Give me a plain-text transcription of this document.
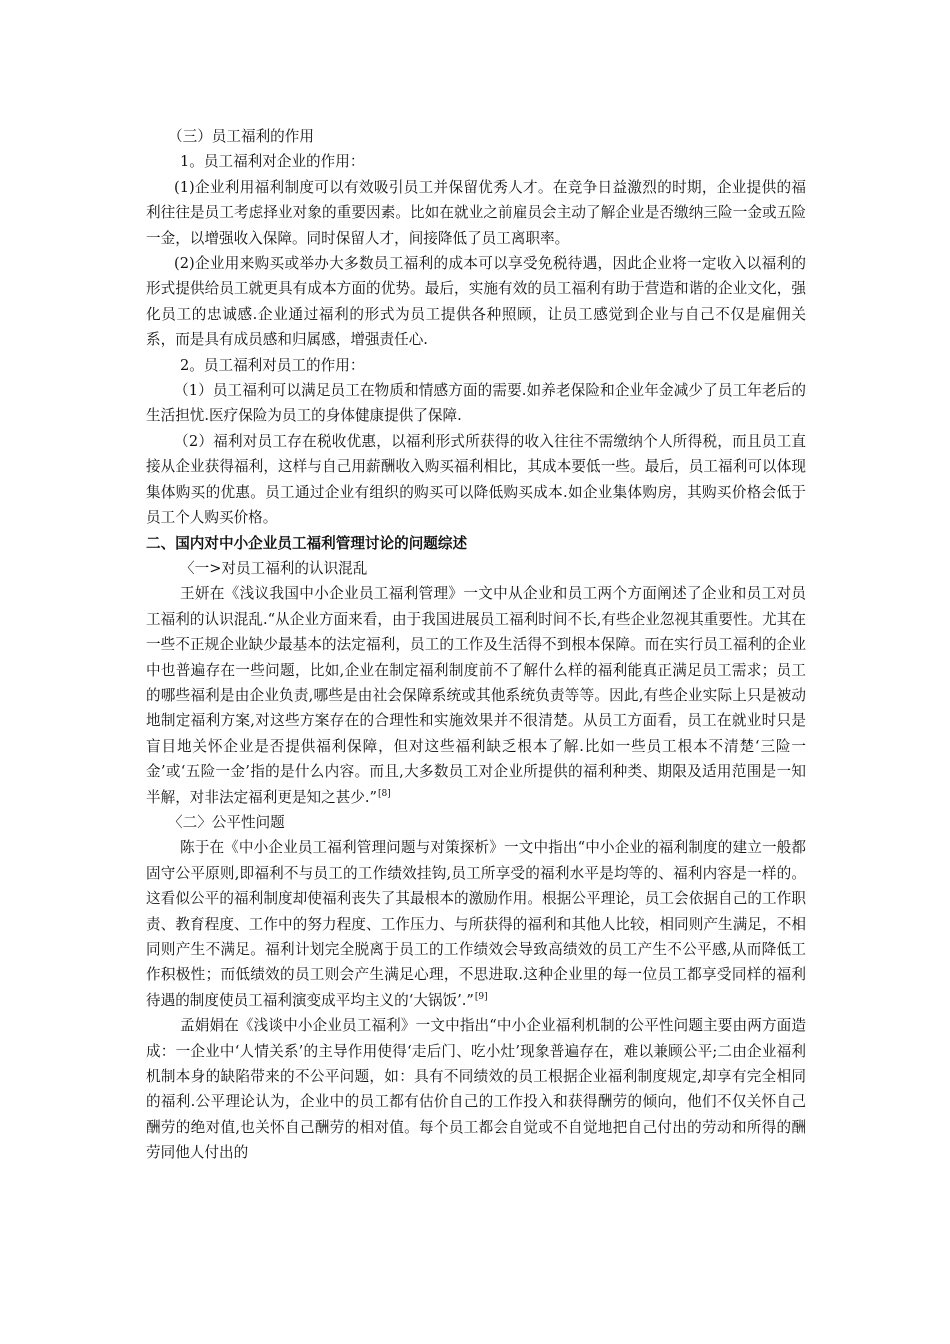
（三）员工福利的作用

1。员工福利对企业的作用：

(1)企业利用福利制度可以有效吸引员工并保留优秀人才。在竞争日益激烈的时期，企业提供的福利往往是员工考虑择业对象的重要因素。比如在就业之前雇员会主动了解企业是否缴纳三险一金或五险一金，以增强收入保障。同时保留人才，间接降低了员工离职率。

(2)企业用来购买或举办大多数员工福利的成本可以享受免税待遇，因此企业将一定收入以福利的形式提供给员工就更具有成本方面的优势。最后，实施有效的员工福利有助于营造和谐的企业文化，强化员工的忠诚感.企业通过福利的形式为员工提供各种照顾，让员工感觉到企业与自己不仅是雇佣关系，而是具有成员感和归属感，增强责任心.

2。员工福利对员工的作用：

（1）员工福利可以满足员工在物质和情感方面的需要.如养老保险和企业年金减少了员工年老后的生活担忧.医疗保险为员工的身体健康提供了保障.

（2）福利对员工存在税收优惠，以福利形式所获得的收入往往不需缴纳个人所得税，而且员工直接从企业获得福利，这样与自己用薪酬收入购买福利相比，其成本要低一些。最后，员工福利可以体现集体购买的优惠。员工通过企业有组织的购买可以降低购买成本.如企业集体购房，其购买价格会低于员工个人购买价格。

二、国内对中小企业员工福利管理讨论的问题综述

〈一>对员工福利的认识混乱

王妍在《浅议我国中小企业员工福利管理》一文中从企业和员工两个方面阐述了企业和员工对员工福利的认识混乱.“从企业方面来看，由于我国进展员工福利时间不长,有些企业忽视其重要性。尤其在一些不正规企业缺少最基本的法定福利，员工的工作及生活得不到根本保障。而在实行员工福利的企业中也普遍存在一些问题，比如,企业在制定福利制度前不了解什么样的福利能真正满足员工需求；员工的哪些福利是由企业负责,哪些是由社会保障系统或其他系统负责等等。因此,有些企业实际上只是被动地制定福利方案,对这些方案存在的合理性和实施效果并不很清楚。从员工方面看，员工在就业时只是盲目地关怀企业是否提供福利保障，但对这些福利缺乏根本了解.比如一些员工根本不清楚‘三险一金’或‘五险一金’指的是什么内容。而且,大多数员工对企业所提供的福利种类、期限及适用范围是一知半解，对非法定福利更是知之甚少.”[8]

〈二〉公平性问题

陈于在《中小企业员工福利管理问题与对策探析》一文中指出“中小企业的福利制度的建立一般都固守公平原则,即福利不与员工的工作绩效挂钩,员工所享受的福利水平是均等的、福利内容是一样的。这看似公平的福利制度却使福利丧失了其最根本的激励作用。根据公平理论，员工会依据自己的工作职责、教育程度、工作中的努力程度、工作压力、与所获得的福利和其他人比较，相同则产生满足，不相同则产生不满足。福利计划完全脱离于员工的工作绩效会导致高绩效的员工产生不公平感,从而降低工作积极性；而低绩效的员工则会产生满足心理，不思进取.这种企业里的每一位员工都享受同样的福利待遇的制度使员工福利演变成平均主义的‘大锅饭’.”[9]

孟娟娟在《浅谈中小企业员工福利》一文中指出“中小企业福利机制的公平性问题主要由两方面造成：一企业中‘人情关系’的主导作用使得‘走后门、吃小灶’现象普遍存在，难以兼顾公平;二由企业福利机制本身的缺陷带来的不公平问题，如：具有不同绩效的员工根据企业福利制度规定,却享有完全相同的福利.公平理论认为，企业中的员工都有估价自己的工作投入和获得酬劳的倾向，他们不仅关怀自己酬劳的绝对值,也关怀自己酬劳的相对值。每个员工都会自觉或不自觉地把自己付出的劳动和所得的酬劳同他人付出的
